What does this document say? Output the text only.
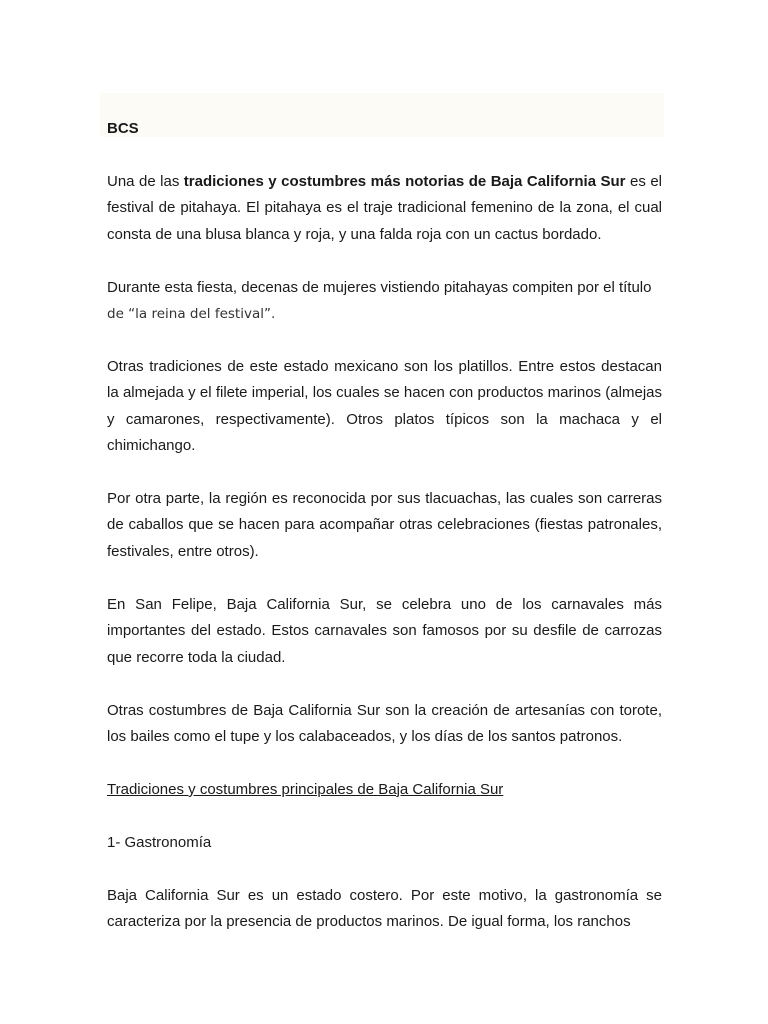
BCS

Una de las tradiciones y costumbres más notorias de Baja California Sur es el festival de pitahaya. El pitahaya es el traje tradicional femenino de la zona, el cual consta de una blusa blanca y roja, y una falda roja con un cactus bordado.

Durante esta fiesta, decenas de mujeres vistiendo pitahayas compiten por el título
de “la reina del festival”.

Otras tradiciones de este estado mexicano son los platillos. Entre estos destacan la almejada y el filete imperial, los cuales se hacen con productos marinos (almejas y camarones, respectivamente). Otros platos típicos son la machaca y el chimichango.

Por otra parte, la región es reconocida por sus tlacuachas, las cuales son carreras de caballos que se hacen para acompañar otras celebraciones (fiestas patronales, festivales, entre otros).

En San Felipe, Baja California Sur, se celebra uno de los carnavales más importantes del estado. Estos carnavales son famosos por su desfile de carrozas que recorre toda la ciudad.

Otras costumbres de Baja California Sur son la creación de artesanías con torote, los bailes como el tupe y los calabaceados, y los días de los santos patronos.

Tradiciones y costumbres principales de Baja California Sur

1- Gastronomía

Baja California Sur es un estado costero. Por este motivo, la gastronomía se caracteriza por la presencia de productos marinos. De igual forma, los ranchos
